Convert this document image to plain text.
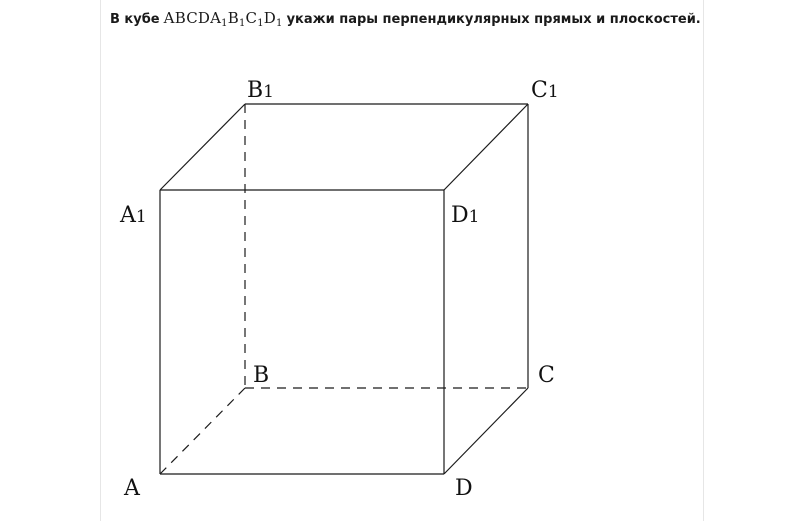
В кубе $ABCDA_1B_1C_1D_1$ укажи пары перпендикулярных прямых и плоскостей.
B1	C1
A1	D1
B	C
A	D
